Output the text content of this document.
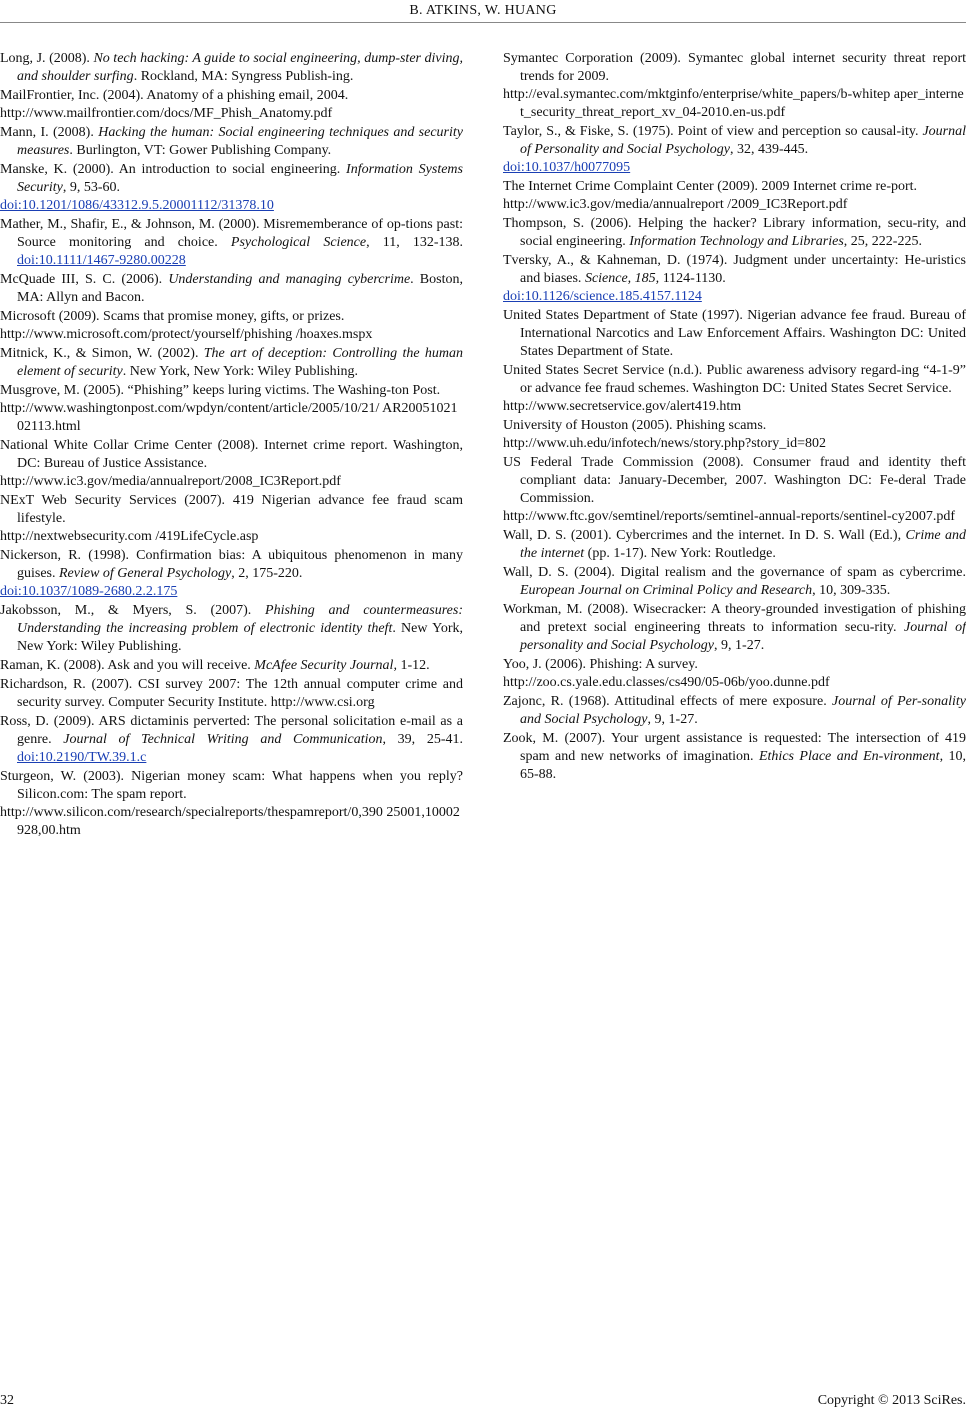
B. ATKINS, W. HUANG
Long, J. (2008). No tech hacking: A guide to social engineering, dump-ster diving, and shoulder surfing. Rockland, MA: Syngress Publish-ing.
MailFrontier, Inc. (2004). Anatomy of a phishing email, 2004.
http://www.mailfrontier.com/docs/MF_Phish_Anatomy.pdf
Mann, I. (2008). Hacking the human: Social engineering techniques and security measures. Burlington, VT: Gower Publishing Company.
Manske, K. (2000). An introduction to social engineering. Information Systems Security, 9, 53-60.
doi:10.1201/1086/43312.9.5.20001112/31378.10
Mather, M., Shafir, E., & Johnson, M. (2000). Misrememberance of op-tions past: Source monitoring and choice. Psychological Science, 11, 132-138. doi:10.1111/1467-9280.00228
McQuade III, S. C. (2006). Understanding and managing cybercrime. Boston, MA: Allyn and Bacon.
Microsoft (2009). Scams that promise money, gifts, or prizes.
http://www.microsoft.com/protect/yourself/phishing /hoaxes.mspx
Mitnick, K., & Simon, W. (2002). The art of deception: Controlling the human element of security. New York, New York: Wiley Publishing.
Musgrove, M. (2005). “Phishing” keeps luring victims. The Washing-ton Post.
http://www.washingtonpost.com/wpdyn/content/article/2005/10/21/ AR2005102102113.html
National White Collar Crime Center (2008). Internet crime report. Washington, DC: Bureau of Justice Assistance.
http://www.ic3.gov/media/annualreport/2008_IC3Report.pdf
NExT Web Security Services (2007). 419 Nigerian advance fee fraud scam lifestyle.
http://nextwebsecurity.com /419LifeCycle.asp
Nickerson, R. (1998). Confirmation bias: A ubiquitous phenomenon in many guises. Review of General Psychology, 2, 175-220.
doi:10.1037/1089-2680.2.2.175
Jakobsson, M., & Myers, S. (2007). Phishing and countermeasures: Understanding the increasing problem of electronic identity theft. New York, New York: Wiley Publishing.
Raman, K. (2008). Ask and you will receive. McAfee Security Journal, 1-12.
Richardson, R. (2007). CSI survey 2007: The 12th annual computer crime and security survey. Computer Security Institute. http://www.csi.org
Ross, D. (2009). ARS dictaminis perverted: The personal solicitation e-mail as a genre. Journal of Technical Writing and Communication, 39, 25-41. doi:10.2190/TW.39.1.c
Sturgeon, W. (2003). Nigerian money scam: What happens when you reply? Silicon.com: The spam report.
http://www.silicon.com/research/specialreports/thespamreport/0,390 25001,10002928,00.htm
Symantec Corporation (2009). Symantec global internet security threat report trends for 2009.
http://eval.symantec.com/mktginfo/enterprise/white_papers/b-whitep aper_internet_security_threat_report_xv_04-2010.en-us.pdf
Taylor, S., & Fiske, S. (1975). Point of view and perception so causal-ity. Journal of Personality and Social Psychology, 32, 439-445.
doi:10.1037/h0077095
The Internet Crime Complaint Center (2009). 2009 Internet crime re-port.
http://www.ic3.gov/media/annualreport /2009_IC3Report.pdf
Thompson, S. (2006). Helping the hacker? Library information, secu-rity, and social engineering. Information Technology and Libraries, 25, 222-225.
Tversky, A., & Kahneman, D. (1974). Judgment under uncertainty: He-uristics and biases. Science, 185, 1124-1130.
doi:10.1126/science.185.4157.1124
United States Department of State (1997). Nigerian advance fee fraud. Bureau of International Narcotics and Law Enforcement Affairs. Washington DC: United States Department of State.
United States Secret Service (n.d.). Public awareness advisory regard-ing “4-1-9” or advance fee fraud schemes. Washington DC: United States Secret Service.
http://www.secretservice.gov/alert419.htm
University of Houston (2005). Phishing scams.
http://www.uh.edu/infotech/news/story.php?story_id=802
US Federal Trade Commission (2008). Consumer fraud and identity theft compliant data: January-December, 2007. Washington DC: Fe-deral Trade Commission.
http://www.ftc.gov/semtinel/reports/semtinel-annual-reports/sentinel-cy2007.pdf
Wall, D. S. (2001). Cybercrimes and the internet. In D. S. Wall (Ed.), Crime and the internet (pp. 1-17). New York: Routledge.
Wall, D. S. (2004). Digital realism and the governance of spam as cybercrime. European Journal on Criminal Policy and Research, 10, 309-335.
Workman, M. (2008). Wisecracker: A theory-grounded investigation of phishing and pretext social engineering threats to information secu-rity. Journal of personality and Social Psychology, 9, 1-27.
Yoo, J. (2006). Phishing: A survey.
http://zoo.cs.yale.edu.classes/cs490/05-06b/yoo.dunne.pdf
Zajonc, R. (1968). Attitudinal effects of mere exposure. Journal of Per-sonality and Social Psychology, 9, 1-27.
Zook, M. (2007). Your urgent assistance is requested: The intersection of 419 spam and new networks of imagination. Ethics Place and En-vironment, 10, 65-88.
32	Copyright © 2013 SciRes.
